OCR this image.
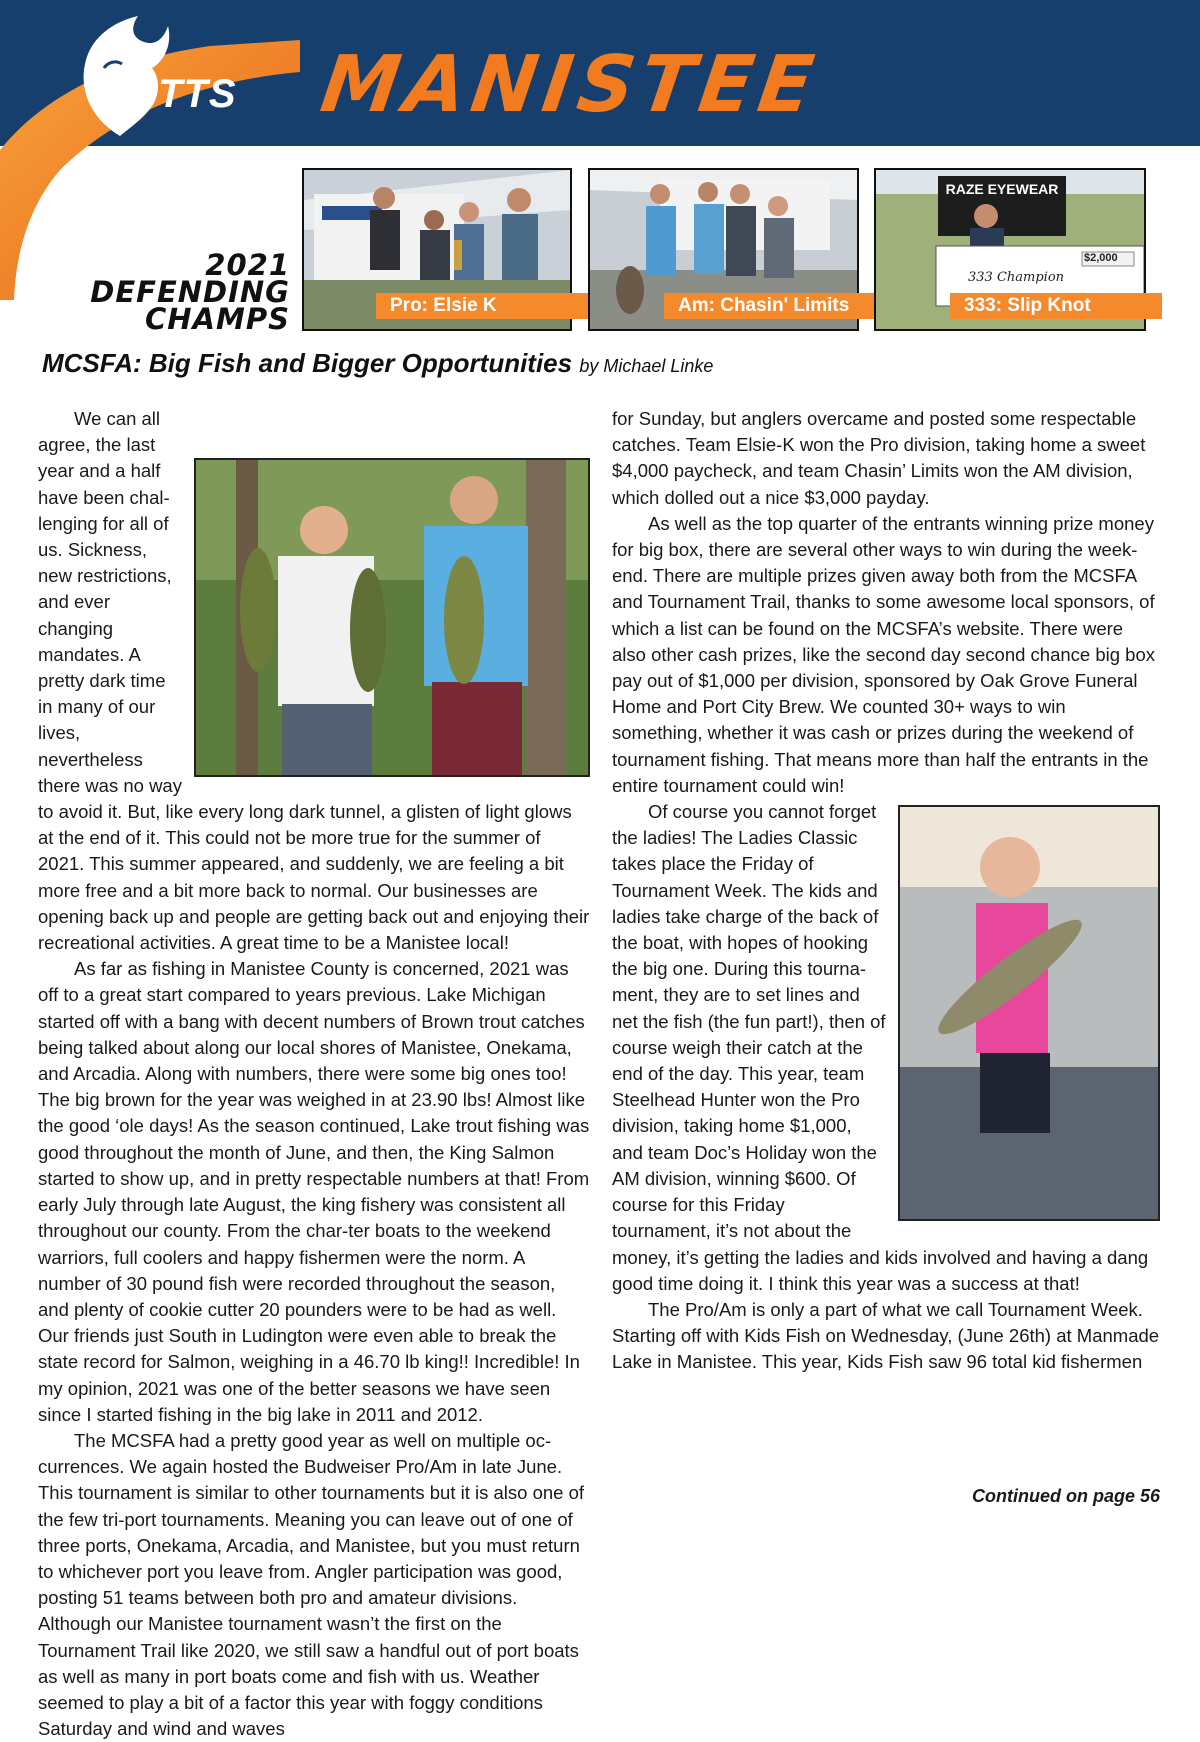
TTS MANISTEE
2021
DEFENDING
CHAMPS	Pro: Elsie K	Am: Chasin' Limits
RAZE EYEWEAR
333 Champion
$2,000
333: Slip Knot
MCSFA: Big Fish and Bigger Opportunities by Michael Linke

We can all agree, the last year and a half have been chal-lenging for all of us. Sickness, new restrictions, and ever changing mandates. A pretty dark time in many of our lives, nevertheless there was no way to avoid it. But, like every long dark tunnel, a glisten of light glows at the end of it. This could not be more true for the summer of 2021. This summer appeared, and suddenly, we are feeling a bit more free and a bit more back to normal. Our businesses are opening back up and people are getting back out and enjoying their recreational activities. A great time to be a Manistee local!

As far as fishing in Manistee County is concerned, 2021 was off to a great start compared to years previous. Lake Michigan started off with a bang with decent numbers of Brown trout catches being talked about along our local shores of Manistee, Onekama, and Arcadia. Along with numbers, there were some big ones too! The big brown for the year was weighed in at 23.90 lbs! Almost like the good ‘ole days! As the season continued, Lake trout fishing was good throughout the month of June, and then, the King Salmon started to show up, and in pretty respectable numbers at that! From early July through late August, the king fishery was consistent all throughout our county. From the char-ter boats to the weekend warriors, full coolers and happy fishermen were the norm. A number of 30 pound fish were recorded throughout the season, and plenty of cookie cutter 20 pounders were to be had as well. Our friends just South in Ludington were even able to break the state record for Salmon, weighing in a 46.70 lb king!! Incredible! In my opinion, 2021 was one of the better seasons we have seen since I started fishing in the big lake in 2011 and 2012.

The MCSFA had a pretty good year as well on multiple oc-currences. We again hosted the Budweiser Pro/Am in late June. This tournament is similar to other tournaments but it is also one of the few tri-port tournaments. Meaning you can leave out of one of three ports, Onekama, Arcadia, and Manistee, but you must return to whichever port you leave from. Angler participation was good, posting 51 teams between both pro and amateur divisions. Although our Manistee tournament wasn’t the first on the Tournament Trail like 2020, we still saw a handful out of port boats as well as many in port boats come and fish with us. Weather seemed to play a bit of a factor this year with foggy conditions Saturday and wind and waves

for Sunday, but anglers overcame and posted some respectable catches. Team Elsie-K won the Pro division, taking home a sweet $4,000 paycheck, and team Chasin’ Limits won the AM division, which dolled out a nice $3,000 payday.

As well as the top quarter of the entrants winning prize money for big box, there are several other ways to win during the week-end. There are multiple prizes given away both from the MCSFA and Tournament Trail, thanks to some awesome local sponsors, of which a list can be found on the MCSFA’s website. There were also other cash prizes, like the second day second chance big box pay out of $1,000 per division, sponsored by Oak Grove Funeral Home and Port City Brew. We counted 30+ ways to win something, whether it was cash or prizes during the weekend of tournament fishing. That means more than half the entrants in the entire tournament could win!

Of course you cannot forget the ladies! The Ladies Classic takes place the Friday of Tournament Week. The kids and ladies take charge of the back of the boat, with hopes of hooking the big one. During this tourna-ment, they are to set lines and net the fish (the fun part!), then of course weigh their catch at the end of the day. This year, team Steelhead Hunter won the Pro division, taking home $1,000, and team Doc’s Holiday won the AM division, winning $600. Of course for this Friday tournament, it’s not about the money, it’s getting the ladies and kids involved and having a dang good time doing it. I think this year was a success at that!

The Pro/Am is only a part of what we call Tournament Week. Starting off with Kids Fish on Wednesday, (June 26th) at Manmade Lake in Manistee. This year, Kids Fish saw 96 total kid fishermen

Continued on page 56
